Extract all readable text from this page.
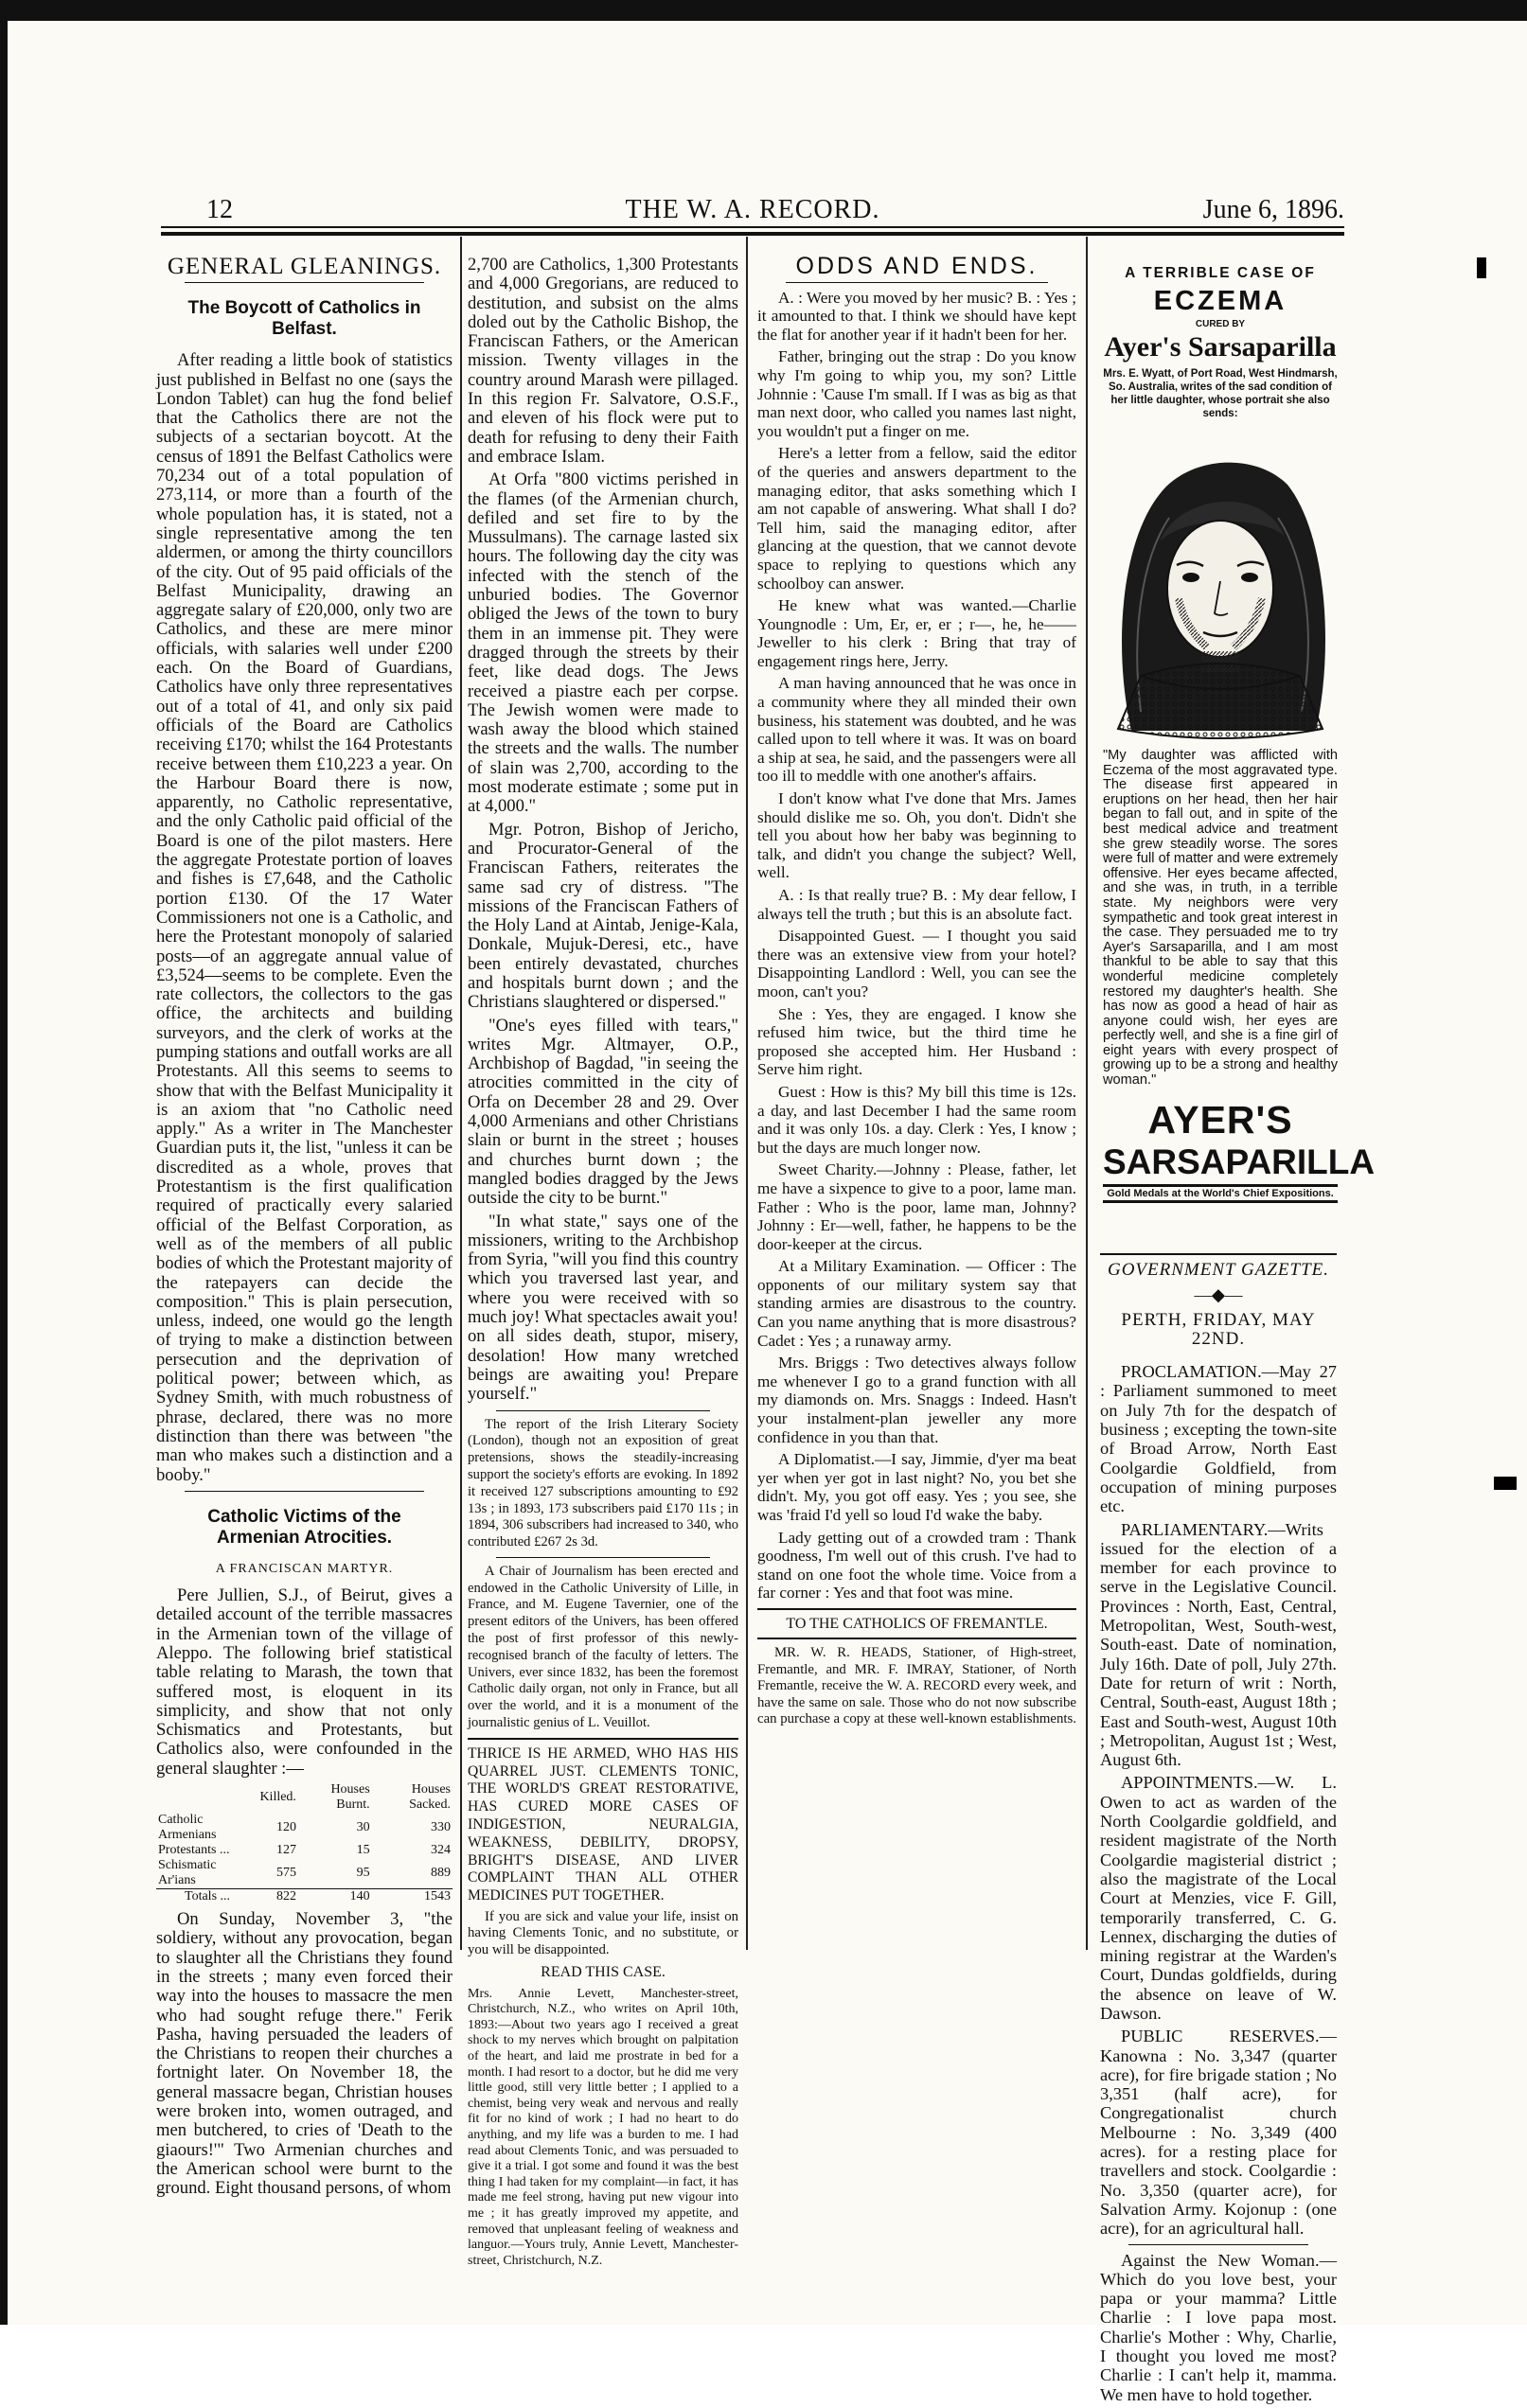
12	THE W. A. RECORD.	June 6, 1896.
GENERAL GLEANINGS.
The Boycott of Catholics in Belfast.

After reading a little book of statistics just published in Belfast no one (says the London Tablet) can hug the fond belief that the Catholics there are not the subjects of a sectarian boycott. At the census of 1891 the Belfast Catholics were 70,234 out of a total population of 273,114, or more than a fourth of the whole population has, it is stated, not a single representative among the ten aldermen, or among the thirty councillors of the city. Out of 95 paid officials of the Belfast Municipality, drawing an aggregate salary of £20,000, only two are Catholics, and these are mere minor officials, with salaries well under £200 each. On the Board of Guardians, Catholics have only three representatives out of a total of 41, and only six paid officials of the Board are Catholics receiving £170; whilst the 164 Protestants receive between them £10,223 a year. On the Harbour Board there is now, apparently, no Catholic representative, and the only Catholic paid official of the Board is one of the pilot masters. Here the aggregate Protestate portion of loaves and fishes is £7,648, and the Catholic portion £130. Of the 17 Water Commissioners not one is a Catholic, and here the Protestant monopoly of salaried posts—of an aggregate annual value of £3,524—seems to be complete. Even the rate collectors, the collectors to the gas office, the architects and building surveyors, and the clerk of works at the pumping stations and outfall works are all Protestants. All this seems to seems to show that with the Belfast Municipality it is an axiom that "no Catholic need apply." As a writer in The Manchester Guardian puts it, the list, "unless it can be discredited as a whole, proves that Protestantism is the first qualification required of practically every salaried official of the Belfast Corporation, as well as of the members of all public bodies of which the Protestant majority of the ratepayers can decide the composition." This is plain persecution, unless, indeed, one would go the length of trying to make a distinction between persecution and the deprivation of political power; between which, as Sydney Smith, with much robustness of phrase, declared, there was no more distinction than there was between "the man who makes such a distinction and a booby."

Catholic Victims of the Armenian Atrocities.
A FRANCISCAN MARTYR.

Pere Jullien, S.J., of Beirut, gives a detailed account of the terrible massacres in the Armenian town of the village of Aleppo. The following brief statistical table relating to Marash, the town that suffered most, is eloquent in its simplicity, and show that not only Schismatics and Protestants, but Catholics also, were confounded in the general slaughter :—

	Killed.	Houses Burnt.	Houses Sacked.
Catholic Armenians	120	30	330
Protestants ...	127	15	324
Schismatic Ar'ians	575	95	889
Totals ...	822	140	1543

On Sunday, November 3, "the soldiery, without any provocation, began to slaughter all the Christians they found in the streets ; many even forced their way into the houses to massacre the men who had sought refuge there." Ferik Pasha, having persuaded the leaders of the Christians to reopen their churches a fortnight later. On November 18, the general massacre began, Christian houses were broken into, women outraged, and men butchered, to cries of 'Death to the giaours!'" Two Armenian churches and the American school were burnt to the ground. Eight thousand persons, of whom

2,700 are Catholics, 1,300 Protestants and 4,000 Gregorians, are reduced to destitution, and subsist on the alms doled out by the Catholic Bishop, the Franciscan Fathers, or the American mission. Twenty villages in the country around Marash were pillaged. In this region Fr. Salvatore, O.S.F., and eleven of his flock were put to death for refusing to deny their Faith and embrace Islam.

At Orfa "800 victims perished in the flames (of the Armenian church, defiled and set fire to by the Mussulmans). The carnage lasted six hours. The following day the city was infected with the stench of the unburied bodies. The Governor obliged the Jews of the town to bury them in an immense pit. They were dragged through the streets by their feet, like dead dogs. The Jews received a piastre each per corpse. The Jewish women were made to wash away the blood which stained the streets and the walls. The number of slain was 2,700, according to the most moderate estimate ; some put in at 4,000."

Mgr. Potron, Bishop of Jericho, and Procurator-General of the Franciscan Fathers, reiterates the same sad cry of distress. "The missions of the Franciscan Fathers of the Holy Land at Aintab, Jenige-Kala, Donkale, Mujuk-Deresi, etc., have been entirely devastated, churches and hospitals burnt down ; and the Christians slaughtered or dispersed."

"One's eyes filled with tears," writes Mgr. Altmayer, O.P., Archbishop of Bagdad, "in seeing the atrocities committed in the city of Orfa on December 28 and 29. Over 4,000 Armenians and other Christians slain or burnt in the street ; houses and churches burnt down ; the mangled bodies dragged by the Jews outside the city to be burnt."

"In what state," says one of the missioners, writing to the Archbishop from Syria, "will you find this country which you traversed last year, and where you were received with so much joy! What spectacles await you! on all sides death, stupor, misery, desolation! How many wretched beings are awaiting you! Prepare yourself."

The report of the Irish Literary Society (London), though not an exposition of great pretensions, shows the steadily-increasing support the society's efforts are evoking. In 1892 it received 127 subscriptions amounting to £92 13s ; in 1893, 173 subscribers paid £170 11s ; in 1894, 306 subscribers had increased to 340, who contributed £267 2s 3d.

A Chair of Journalism has been erected and endowed in the Catholic University of Lille, in France, and M. Eugene Tavernier, one of the present editors of the Univers, has been offered the post of first professor of this newly-recognised branch of the faculty of letters. The Univers, ever since 1832, has been the foremost Catholic daily organ, not only in France, but all over the world, and it is a monument of the journalistic genius of L. Veuillot.

THRICE IS HE ARMED, WHO HAS HIS QUARREL JUST. CLEMENTS TONIC, THE WORLD'S GREAT RESTORATIVE, HAS CURED MORE CASES OF INDIGESTION, NEURALGIA, WEAKNESS, DEBILITY, DROPSY, BRIGHT'S DISEASE, AND LIVER COMPLAINT THAN ALL OTHER MEDICINES PUT TOGETHER.

If you are sick and value your life, insist on having Clements Tonic, and no substitute, or you will be disappointed.

READ THIS CASE.

Mrs. Annie Levett, Manchester-street, Christchurch, N.Z., who writes on April 10th, 1893:—About two years ago I received a great shock to my nerves which brought on palpitation of the heart, and laid me prostrate in bed for a month. I had resort to a doctor, but he did me very little good, still very little better ; I applied to a chemist, being very weak and nervous and really fit for no kind of work ; I had no heart to do anything, and my life was a burden to me. I had read about Clements Tonic, and was persuaded to give it a trial. I got some and found it was the best thing I had taken for my complaint—in fact, it has made me feel strong, having put new vigour into me ; it has greatly improved my appetite, and removed that unpleasant feeling of weakness and languor.—Yours truly, Annie Levett, Manchester-street, Christchurch, N.Z.

ODDS AND ENDS.

A. : Were you moved by her music? B. : Yes ; it amounted to that. I think we should have kept the flat for another year if it hadn't been for her.

Father, bringing out the strap : Do you know why I'm going to whip you, my son? Little Johnnie : 'Cause I'm small. If I was as big as that man next door, who called you names last night, you wouldn't put a finger on me.

Here's a letter from a fellow, said the editor of the queries and answers department to the managing editor, that asks something which I am not capable of answering. What shall I do? Tell him, said the managing editor, after glancing at the question, that we cannot devote space to replying to questions which any schoolboy can answer.

He knew what was wanted.—Charlie Youngnodle : Um, Er, er, er ; r—, he, he—— Jeweller to his clerk : Bring that tray of engagement rings here, Jerry.

A man having announced that he was once in a community where they all minded their own business, his statement was doubted, and he was called upon to tell where it was. It was on board a ship at sea, he said, and the passengers were all too ill to meddle with one another's affairs.

I don't know what I've done that Mrs. James should dislike me so. Oh, you don't. Didn't she tell you about how her baby was beginning to talk, and didn't you change the subject? Well, well.

A. : Is that really true? B. : My dear fellow, I always tell the truth ; but this is an absolute fact.

Disappointed Guest. — I thought you said there was an extensive view from your hotel? Disappointing Landlord : Well, you can see the moon, can't you?

She : Yes, they are engaged. I know she refused him twice, but the third time he proposed she accepted him. Her Husband : Serve him right.

Guest : How is this? My bill this time is 12s. a day, and last December I had the same room and it was only 10s. a day. Clerk : Yes, I know ; but the days are much longer now.

Sweet Charity.—Johnny : Please, father, let me have a sixpence to give to a poor, lame man. Father : Who is the poor, lame man, Johnny? Johnny : Er—well, father, he happens to be the door-keeper at the circus.

At a Military Examination. — Officer : The opponents of our military system say that standing armies are disastrous to the country. Can you name anything that is more disastrous? Cadet : Yes ; a runaway army.

Mrs. Briggs : Two detectives always follow me whenever I go to a grand function with all my diamonds on. Mrs. Snaggs : Indeed. Hasn't your instalment-plan jeweller any more confidence in you than that.

A Diplomatist.—I say, Jimmie, d'yer ma beat yer when yer got in last night? No, you bet she didn't. My, you got off easy. Yes ; you see, she was 'fraid I'd yell so loud I'd wake the baby.

Lady getting out of a crowded tram : Thank goodness, I'm well out of this crush. I've had to stand on one foot the whole time. Voice from a far corner : Yes and that foot was mine.

TO THE CATHOLICS OF FREMANTLE.

MR. W. R. HEADS, Stationer, of High-street, Fremantle, and MR. F. IMRAY, Stationer, of North Fremantle, receive the W. A. RECORD every week, and have the same on sale. Those who do not now subscribe can purchase a copy at these well-known establishments.

A TERRIBLE CASE OF
ECZEMA
CURED BY
Ayer's Sarsaparilla
Mrs. E. Wyatt, of Port Road, West Hindmarsh, So. Australia, writes of the sad condition of her little daughter, whose portrait she also sends:
"My daughter was afflicted with Eczema of the most aggravated type. The disease first appeared in eruptions on her head, then her hair began to fall out, and in spite of the best medical advice and treatment she grew steadily worse. The sores were full of matter and were extremely offensive. Her eyes became affected, and she was, in truth, in a terrible state. My neighbors were very sympathetic and took great interest in the case. They persuaded me to try Ayer's Sarsaparilla, and I am most thankful to be able to say that this wonderful medicine completely restored my daughter's health. She has now as good a head of hair as anyone could wish, her eyes are perfectly well, and she is a fine girl of eight years with every prospect of growing up to be a strong and healthy woman."
AYER'S
SARSAPARILLA
Gold Medals at the World's Chief Expositions.
GOVERNMENT GAZETTE.
—◆—
PERTH, FRIDAY, MAY 22ND.

PROCLAMATION.—May 27 : Parliament summoned to meet on July 7th for the despatch of business ; excepting the town-site of Broad Arrow, North East Coolgardie Goldfield, from occupation of mining purposes etc.

PARLIAMENTARY.—Writs issued for the election of a member for each province to serve in the Legislative Council. Provinces : North, East, Central, Metropolitan, West, South-west, South-east. Date of nomination, July 16th. Date of poll, July 27th. Date for return of writ : North, Central, South-east, August 18th ; East and South-west, August 10th ; Metropolitan, August 1st ; West, August 6th.

APPOINTMENTS.—W. L. Owen to act as warden of the North Coolgardie goldfield, and resident magistrate of the North Coolgardie magisterial district ; also the magistrate of the Local Court at Menzies, vice F. Gill, temporarily transferred, C. G. Lennex, discharging the duties of mining registrar at the Warden's Court, Dundas goldfields, during the absence on leave of W. Dawson.

PUBLIC RESERVES.—Kanowna : No. 3,347 (quarter acre), for fire brigade station ; No 3,351 (half acre), for Congregationalist church Melbourne : No. 3,349 (400 acres). for a resting place for travellers and stock. Coolgardie : No. 3,350 (quarter acre), for Salvation Army. Kojonup : (one acre), for an agricultural hall.

Against the New Woman.—Which do you love best, your papa or your mamma? Little Charlie : I love papa most. Charlie's Mother : Why, Charlie, I thought you loved me most? Charlie : I can't help it, mamma. We men have to hold together.
